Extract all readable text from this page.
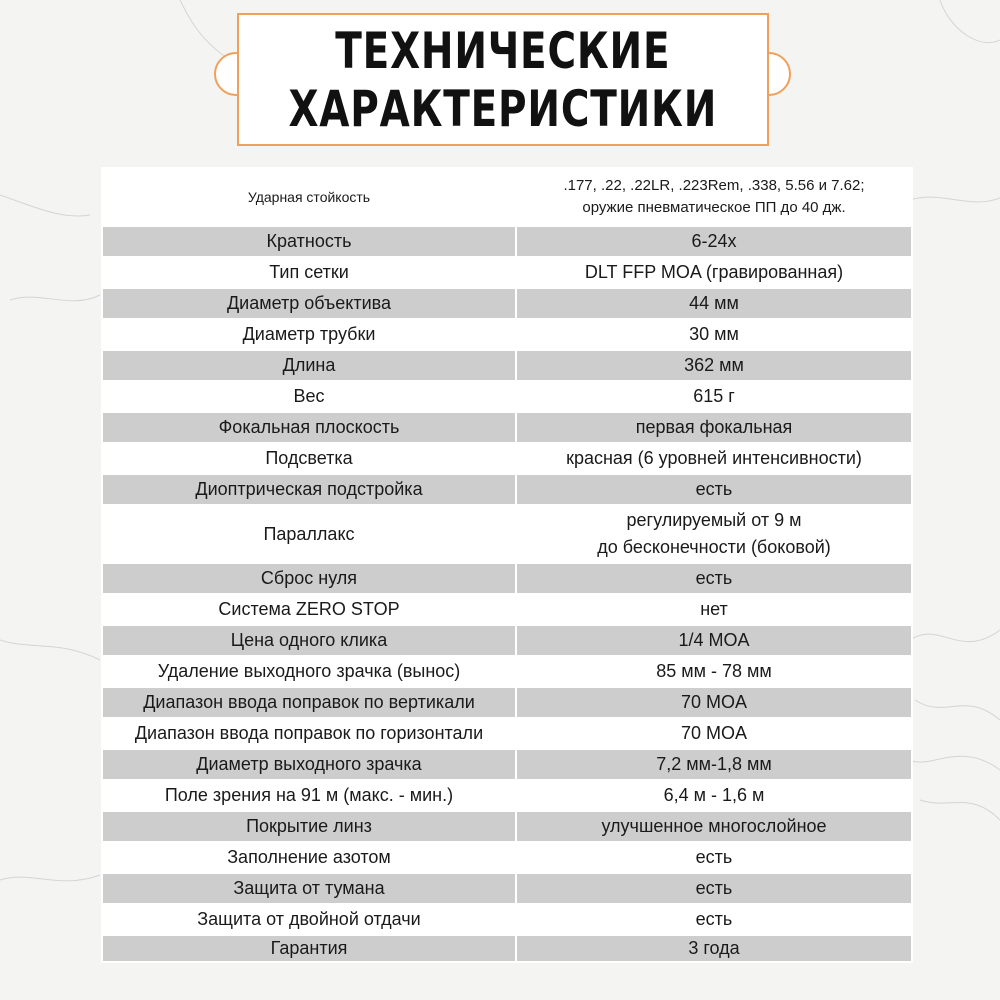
ТЕХНИЧЕСКИЕ
ХАРАКТЕРИСТИКИ
Ударная стойкость	.177, .22, .22LR, .223Rem, .338, 5.56 и 7.62;
оружие пневматическое ПП до 40 дж.

Кратность	6-24x

Тип сетки	DLT FFP MOA (гравированная)

Диаметр объектива	44 мм

Диаметр трубки	30 мм

Длина	362 мм

Вес	615 г

Фокальная плоскость	первая фокальная

Подсветка	красная (6 уровней интенсивности)

Диоптрическая подстройка	есть

Параллакс	регулируемый от 9 м
до бесконечности (боковой)

Сброс нуля	есть

Система ZERO STOP	нет

Цена одного клика	1/4 MOA

Удаление выходного зрачка (вынос)	85 мм - 78 мм

Диапазон ввода поправок по вертикали	70 MOA

Диапазон ввода поправок по горизонтали	70 MOA

Диаметр выходного зрачка	7,2 мм-1,8 мм

Поле зрения на 91 м (макс. - мин.)	6,4 м - 1,6 м

Покрытие линз	улучшенное многослойное

Заполнение азотом	есть

Защита от тумана	есть

Защита от двойной отдачи	есть

Гарантия	3 года
